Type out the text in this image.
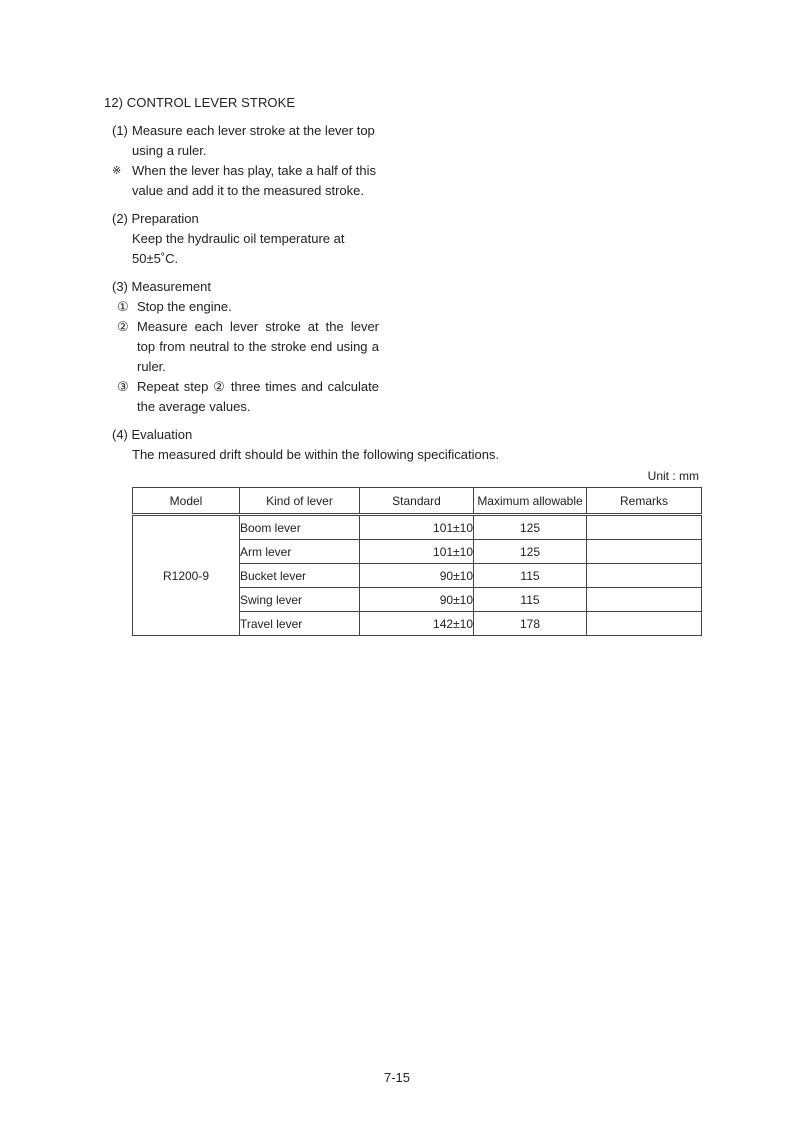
12) CONTROL LEVER STROKE
(1) Measure each lever stroke at the lever top using a ruler.
※ When the lever has play, take a half of this value and add it to the measured stroke.
(2) Preparation
Keep the hydraulic oil temperature at
50±5˚C.
(3) Measurement
① Stop the engine.
② Measure each lever stroke at the lever top from neutral to the stroke end using a ruler.
③ Repeat step ② three times and calculate the average values.
(4) Evaluation
The measured drift should be within the following specifications.
Unit : mm
Model	Kind of lever	Standard	Maximum allowable	Remarks
R1200-9	Boom lever	101±10	125	
	Arm lever	101±10	125	
	Bucket lever	90±10	115	
	Swing lever	90±10	115	
	Travel lever	142±10	178	
7-15
